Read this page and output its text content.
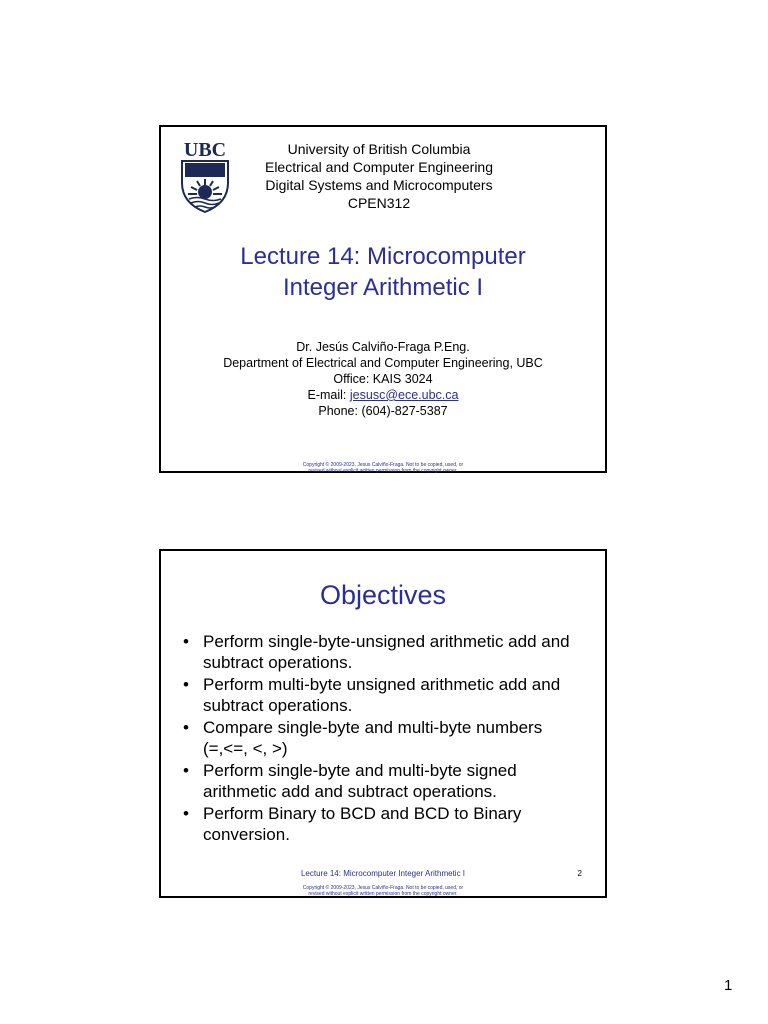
UBC	University of British Columbia
Electrical and Computer Engineering
Digital Systems and Microcomputers
CPEN312
Lecture 14: Microcomputer
Integer Arithmetic I
Dr. Jesús Calviño-Fraga P.Eng.
Department of Electrical and Computer Engineering, UBC
Office: KAIS 3024
E-mail: jesusc@ece.ubc.ca
Phone: (604)-827-5387
Copyright © 2009-2023, Jesus Calviño-Fraga. Not to be copied, used, or
revised without explicit written permission from the copyright owner.
Objectives
• Perform single-byte-unsigned arithmetic add and
subtract operations.
• Perform multi-byte unsigned arithmetic add and
subtract operations.
• Compare single-byte and multi-byte numbers
(=,<=, <, >)
• Perform single-byte and multi-byte signed
arithmetic add and subtract operations.
• Perform Binary to BCD and BCD to Binary
conversion.
Lecture 14: Microcomputer Integer Arithmetic I	2
Copyright © 2009-2023, Jesus Calviño-Fraga. Not to be copied, used, or
revised without explicit written permission from the copyright owner.
1
